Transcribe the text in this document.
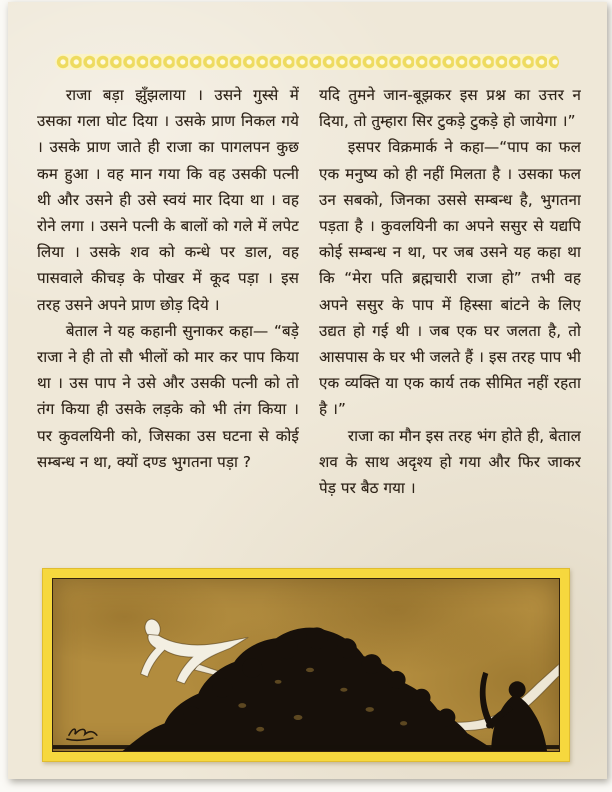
राजा बड़ा झुँझलाया । उसने गुस्से में उसका गला घोट दिया । उसके प्राण निकल गये । उसके प्राण जाते ही राजा का पागलपन कुछ कम हुआ । वह मान गया कि वह उसकी पत्नी थी और उसने ही उसे स्वयं मार दिया था । वह रोने लगा । उसने पत्नी के बालों को गले में लपेट लिया । उसके शव को कन्धे पर डाल, वह पासवाले कीचड़ के पोखर में कूद पड़ा । इस तरह उसने अपने प्राण छोड़ दिये ।

बेताल ने यह कहानी सुनाकर कहा— “बड़े राजा ने ही तो सौ भीलों को मार कर पाप किया था । उस पाप ने उसे और उसकी पत्नी को तो तंग किया ही उसके लड़के को भी तंग किया । पर कुवलयिनी को, जिसका उस घटना से कोई सम्बन्ध न था, क्यों दण्ड भुगतना पड़ा ?

यदि तुमने जान-बूझकर इस प्रश्न का उत्तर न दिया, तो तुम्हारा सिर टुकड़े टुकड़े हो जायेगा ।”

इसपर विक्रमार्क ने कहा—“पाप का फल एक मनुष्य को ही नहीं मिलता है । उसका फल उन सबको, जिनका उससे सम्बन्ध है, भुगतना पड़ता है । कुवलयिनी का अपने ससुर से यद्यपि कोई सम्बन्ध न था, पर जब उसने यह कहा था कि “मेरा पति ब्रह्मचारी राजा हो” तभी वह अपने ससुर के पाप में हिस्सा बांटने के लिए उद्यत हो गई थी । जब एक घर जलता है, तो आसपास के घर भी जलते हैं । इस तरह पाप भी एक व्यक्ति या एक कार्य तक सीमित नहीं रहता है ।”

राजा का मौन इस तरह भंग होते ही, बेताल शव के साथ अदृश्य हो गया और फिर जाकर पेड़ पर बैठ गया ।
